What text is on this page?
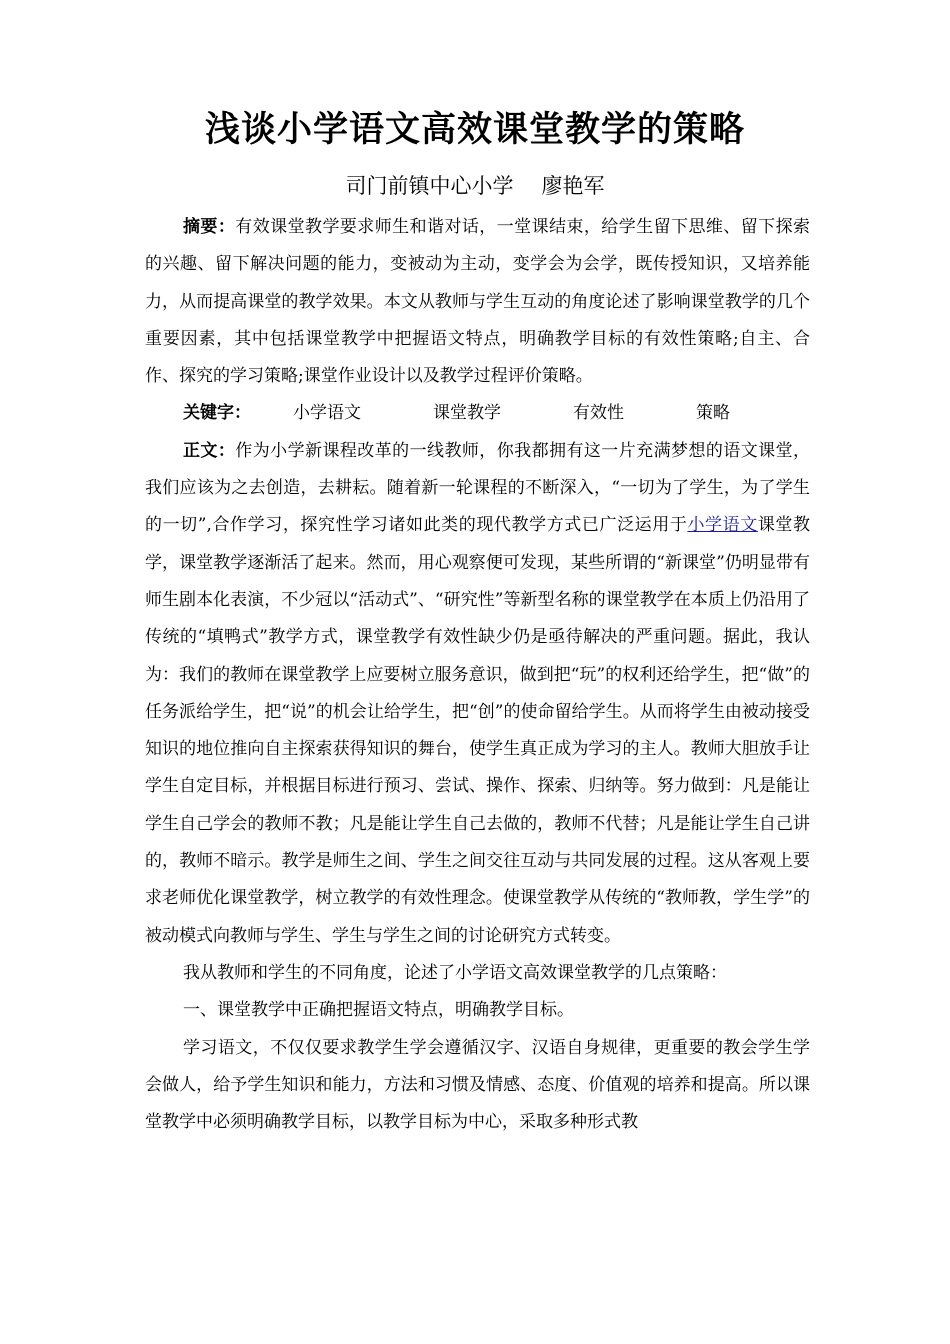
浅谈小学语文高效课堂教学的策略
司门前镇中心小学 廖艳军

摘要：有效课堂教学要求师生和谐对话，一堂课结束，给学生留下思维、留下探索的兴趣、留下解决问题的能力，变被动为主动，变学会为会学，既传授知识，又培养能力，从而提高课堂的教学效果。本文从教师与学生互动的角度论述了影响课堂教学的几个重要因素，其中包括课堂教学中把握语文特点，明确教学目标的有效性策略;自主、合作、探究的学习策略;课堂作业设计以及教学过程评价策略。

关键字： 小学语文	课堂教学	有效性	策略

正文：作为小学新课程改革的一线教师，你我都拥有这一片充满梦想的语文课堂，我们应该为之去创造，去耕耘。随着新一轮课程的不断深入，“一切为了学生，为了学生的一切”,合作学习，探究性学习诸如此类的现代教学方式已广泛运用于小学语文课堂教学，课堂教学逐渐活了起来。然而，用心观察便可发现，某些所谓的“新课堂”仍明显带有师生剧本化表演，不少冠以“活动式”、“研究性”等新型名称的课堂教学在本质上仍沿用了传统的“填鸭式”教学方式，课堂教学有效性缺少仍是亟待解决的严重问题。据此，我认为：我们的教师在课堂教学上应要树立服务意识，做到把“玩”的权利还给学生，把“做”的任务派给学生，把“说”的机会让给学生，把“创”的使命留给学生。从而将学生由被动接受知识的地位推向自主探索获得知识的舞台，使学生真正成为学习的主人。教师大胆放手让学生自定目标，并根据目标进行预习、尝试、操作、探索、归纳等。努力做到：凡是能让学生自己学会的教师不教；凡是能让学生自己去做的，教师不代替；凡是能让学生自己讲的，教师不暗示。教学是师生之间、学生之间交往互动与共同发展的过程。这从客观上要求老师优化课堂教学，树立教学的有效性理念。使课堂教学从传统的“教师教，学生学”的被动模式向教师与学生、学生与学生之间的讨论研究方式转变。

我从教师和学生的不同角度，论述了小学语文高效课堂教学的几点策略：

一、课堂教学中正确把握语文特点，明确教学目标。

学习语文，不仅仅要求教学生学会遵循汉字、汉语自身规律，更重要的教会学生学会做人，给予学生知识和能力，方法和习惯及情感、态度、价值观的培养和提高。所以课堂教学中必须明确教学目标，以教学目标为中心，采取多种形式教
